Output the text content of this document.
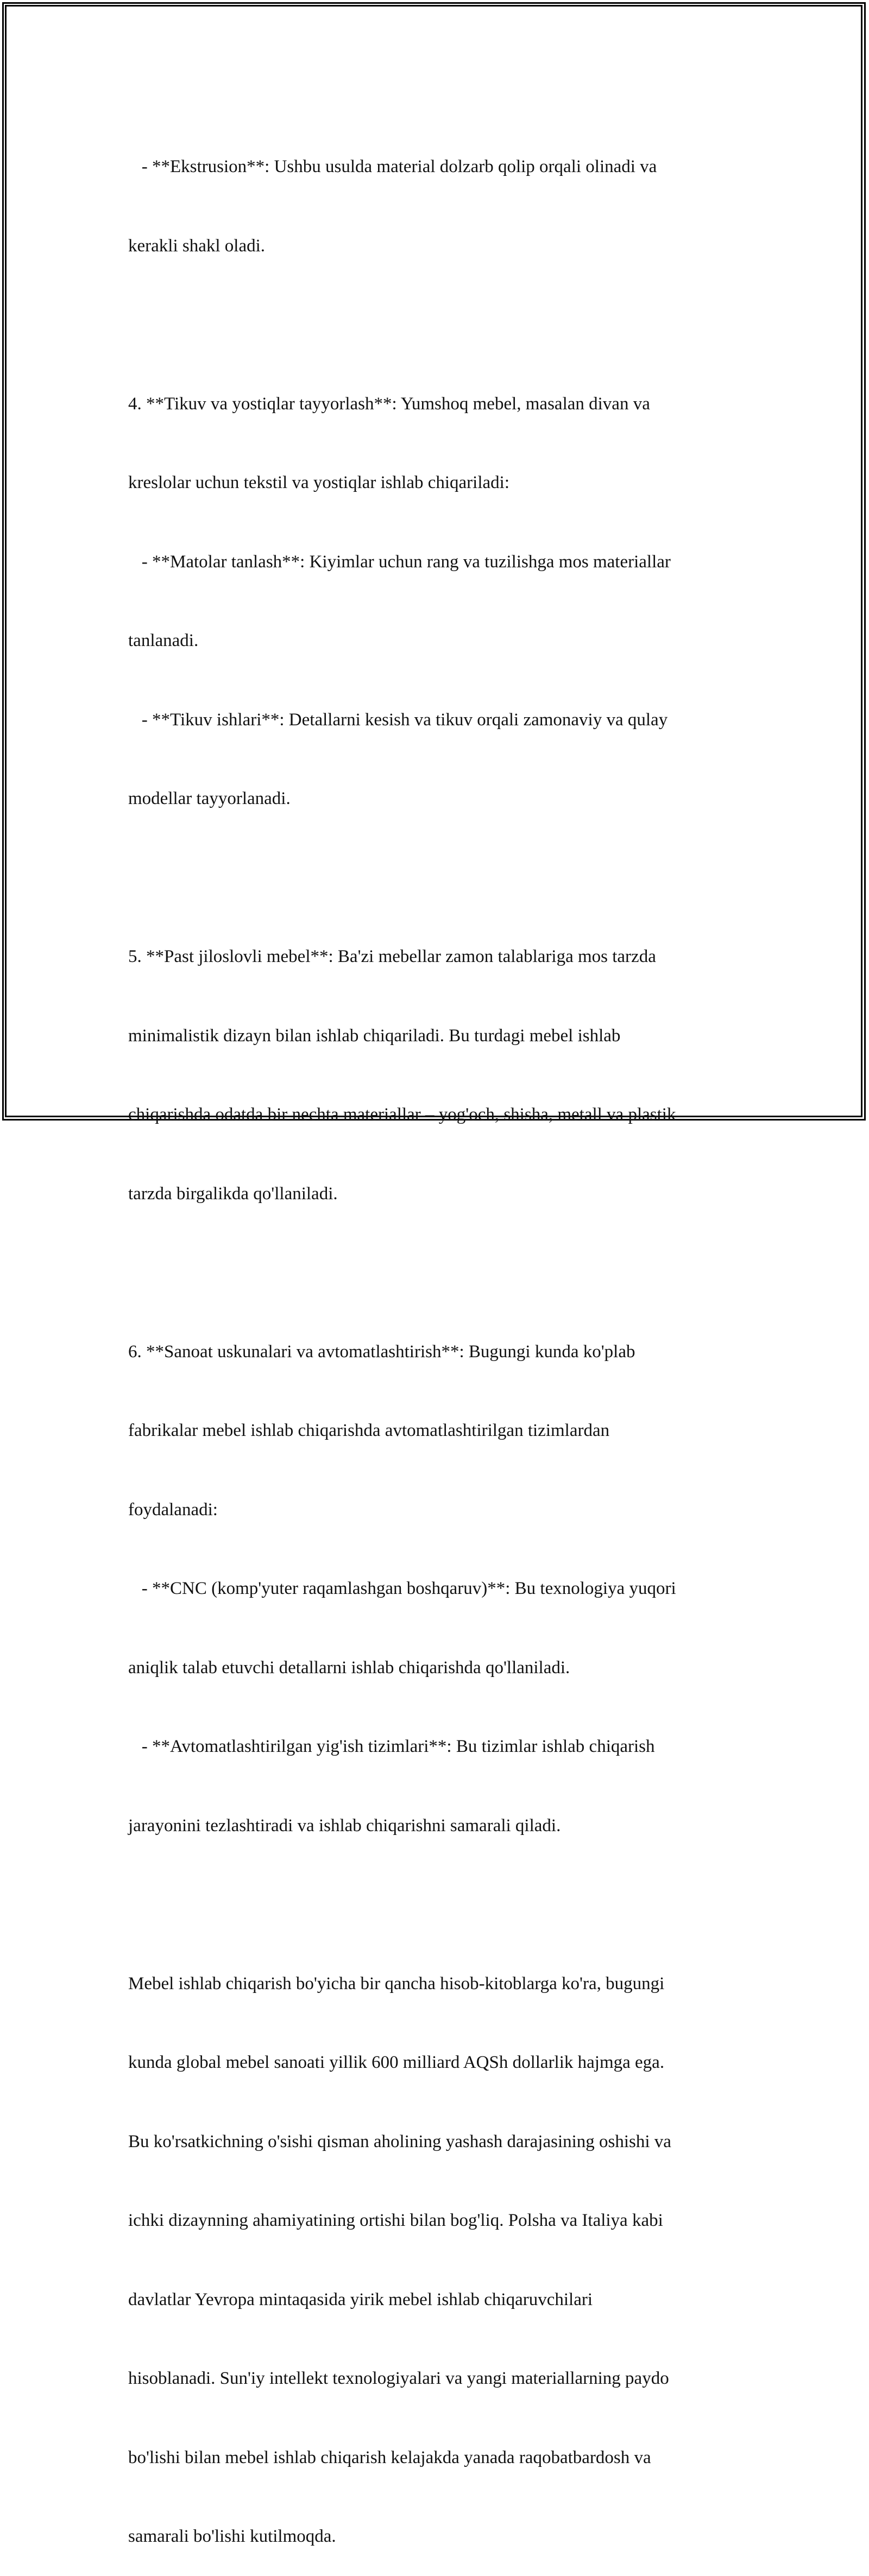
- **Ekstrusion**: Ushbu usulda material dolzarb qolip orqali olinadi va

kerakli shakl oladi.

4. **Tikuv va yostiqlar tayyorlash**: Yumshoq mebel, masalan divan va

kreslolar uchun tekstil va yostiqlar ishlab chiqariladi:

- **Matolar tanlash**: Kiyimlar uchun rang va tuzilishga mos materiallar

tanlanadi.

- **Tikuv ishlari**: Detallarni kesish va tikuv orqali zamonaviy va qulay

modellar tayyorlanadi.

5. **Past jiloslovli mebel**: Ba'zi mebellar zamon talablariga mos tarzda

minimalistik dizayn bilan ishlab chiqariladi. Bu turdagi mebel ishlab

chiqarishda odatda bir nechta materiallar – yog'och, shisha, metall va plastik

tarzda birgalikda qo'llaniladi.

6. **Sanoat uskunalari va avtomatlashtirish**: Bugungi kunda ko'plab

fabrikalar mebel ishlab chiqarishda avtomatlashtirilgan tizimlardan

foydalanadi:

- **CNC (komp'yuter raqamlashgan boshqaruv)**: Bu texnologiya yuqori

aniqlik talab etuvchi detallarni ishlab chiqarishda qo'llaniladi.

- **Avtomatlashtirilgan yig'ish tizimlari**: Bu tizimlar ishlab chiqarish

jarayonini tezlashtiradi va ishlab chiqarishni samarali qiladi.

Mebel ishlab chiqarish bo'yicha bir qancha hisob-kitoblarga ko'ra, bugungi

kunda global mebel sanoati yillik 600 milliard AQSh dollarlik hajmga ega.

Bu ko'rsatkichning o'sishi qisman aholining yashash darajasining oshishi va

ichki dizaynning ahamiyatining ortishi bilan bog'liq. Polsha va Italiya kabi

davlatlar Yevropa mintaqasida yirik mebel ishlab chiqaruvchilari

hisoblanadi. Sun'iy intellekt texnologiyalari va yangi materiallarning paydo

bo'lishi bilan mebel ishlab chiqarish kelajakda yanada raqobatbardosh va

samarali bo'lishi kutilmoqda.
